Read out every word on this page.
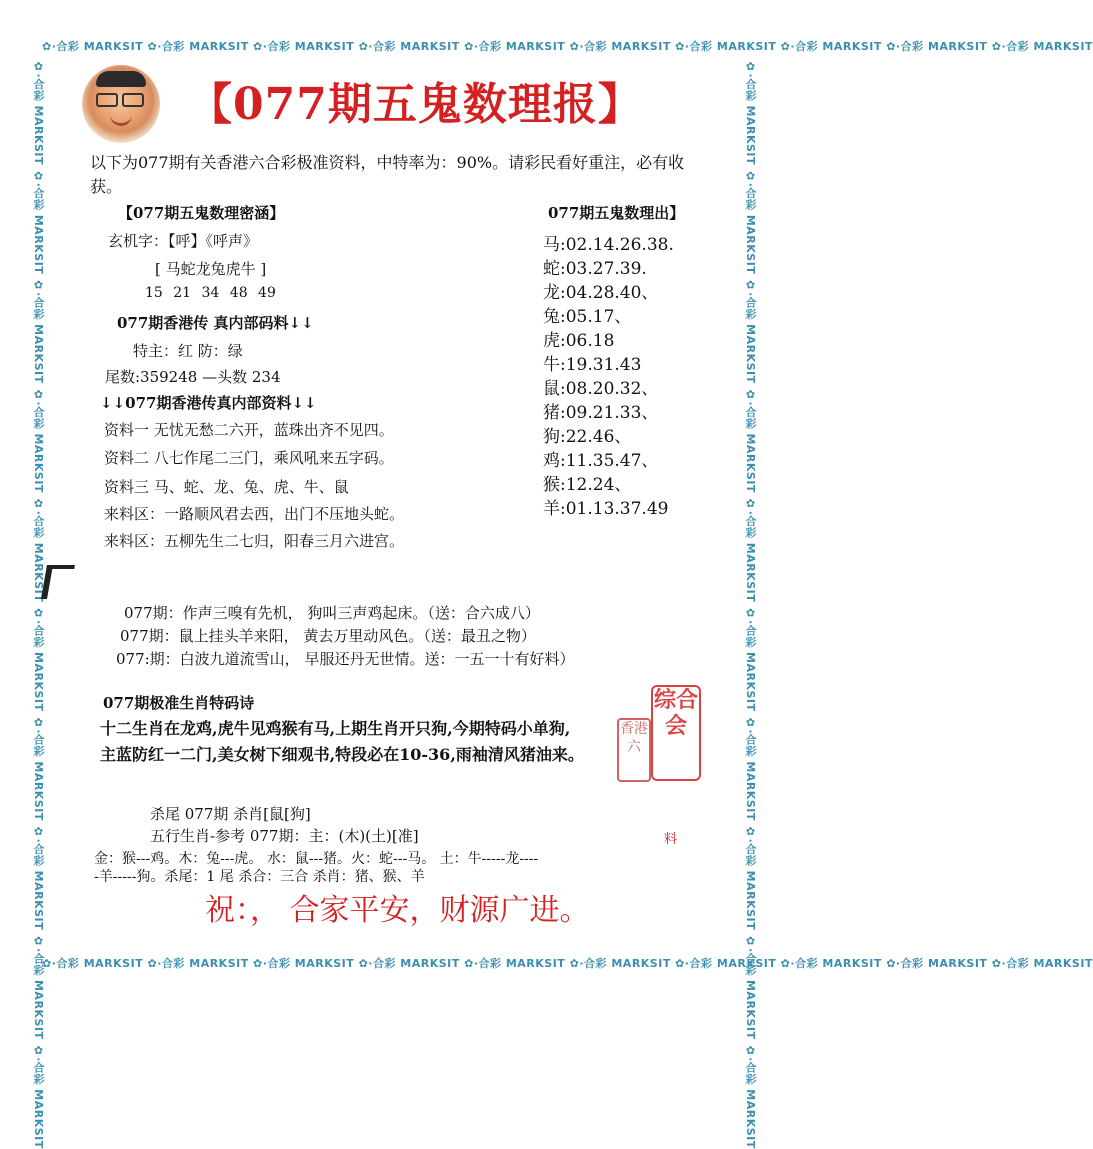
✿·合彩 MARKSIT ✿·合彩 MARKSIT ✿·合彩 MARKSIT ✿·合彩 MARKSIT ✿·合彩 MARKSIT ✿·合彩 MARKSIT ✿·合彩 MARKSIT ✿·合彩 MARKSIT ✿·合彩 MARKSIT ✿·合彩 MARKSIT
✿·合彩 MARKSIT ✿·合彩 MARKSIT ✿·合彩 MARKSIT ✿·合彩 MARKSIT ✿·合彩 MARKSIT ✿·合彩 MARKSIT ✿·合彩 MARKSIT ✿·合彩 MARKSIT ✿·合彩 MARKSIT ✿·合彩 MARKSIT
✿·合彩 MARKSIT ✿·合彩 MARKSIT ✿·合彩 MARKSIT ✿·合彩 MARKSIT ✿·合彩 MARKSIT ✿·合彩 MARKSIT ✿·合彩 MARKSIT ✿·合彩 MARKSIT ✿·合彩 MARKSIT ✿·合彩 MARKSIT	✿·合彩 MARKSIT ✿·合彩 MARKSIT ✿·合彩 MARKSIT ✿·合彩 MARKSIT ✿·合彩 MARKSIT ✿·合彩 MARKSIT ✿·合彩 MARKSIT ✿·合彩 MARKSIT ✿·合彩 MARKSIT ✿·合彩 MARKSIT
【077期五鬼数理报】
以下为077期有关香港六合彩极准资料，中特率为：90%。请彩民看好重注，必有收
获。
【077期五鬼数理密涵】
玄机字：【呼】《呼声》
[ 马蛇龙兔虎牛 ]
15 21 34 48 49
077期香港传 真内部码料↓↓
特主：红 防：绿
尾数:359248 —头数 234
↓↓077期香港传真内部资料↓↓
资料一 无忧无愁二六开，蓝珠出齐不见四。
资料二 八七作尾二三门，乘风吼来五字码。
资料三 马、蛇、龙、兔、虎、牛、鼠
来料区：一路顺风君去西，出门不压地头蛇。
来料区：五柳先生二七归，阳春三月六进宫。
077期五鬼数理出】
马:02.14.26.38.
蛇:03.27.39.
龙:04.28.40、
兔:05.17、
虎:06.18
牛:19.31.43
鼠:08.20.32、
猪:09.21.33、
狗:22.46、
鸡:11.35.47、
猴:12.24、
羊:01.13.37.49
077期：作声三嗅有先机， 狗叫三声鸡起床。（送：合六成八）
077期：鼠上挂头羊来阳， 黄去万里动风色。（送：最丑之物）
077:期：白波九道流雪山， 早服还丹无世情。送：一五一十有好料）
077期极准生肖特码诗
十二生肖在龙鸡,虎牛见鸡猴有马,上期生肖开只狗,今期特码小单狗,
主蓝防红一二门,美女树下细观书,特段必在10-36,雨袖清风猪油来。
香港六
综合会
杀尾 077期 杀肖[鼠[狗]
五行生肖-参考 077期：主：(木)(土)[准]	料
金：猴---鸡。木：兔---虎。 水：鼠---猪。火：蛇---马。 土：牛-----龙----
-羊-----狗。杀尾：1 尾 杀合：三合 杀肖：猪、猴、羊
祝：， 合家平安，财源广进。
